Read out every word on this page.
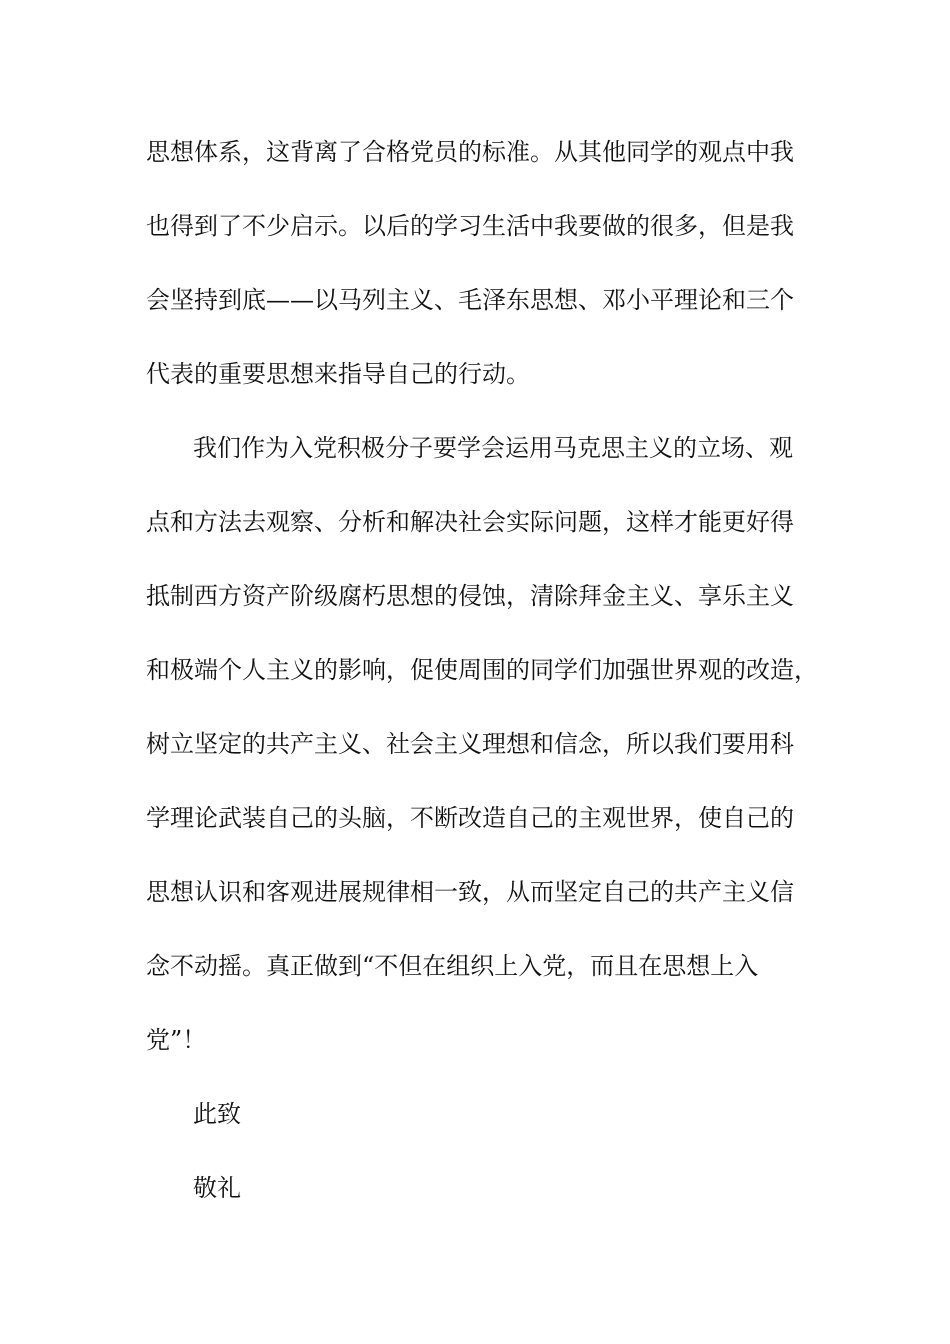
思想体系，这背离了合格党员的标准。从其他同学的观点中我
也得到了不少启示。以后的学习生活中我要做的很多，但是我
会坚持到底——以马列主义、毛泽东思想、邓小平理论和三个
代表的重要思想来指导自己的行动。
我们作为入党积极分子要学会运用马克思主义的立场、观
点和方法去观察、分析和解决社会实际问题，这样才能更好得
抵制西方资产阶级腐朽思想的侵蚀，清除拜金主义、享乐主义
和极端个人主义的影响，促使周围的同学们加强世界观的改造，
树立坚定的共产主义、社会主义理想和信念，所以我们要用科
学理论武装自己的头脑，不断改造自己的主观世界，使自己的
思想认识和客观进展规律相一致，从而坚定自己的共产主义信
念不动摇。真正做到“不但在组织上入党，而且在思想上入
党”！
此致
敬礼
